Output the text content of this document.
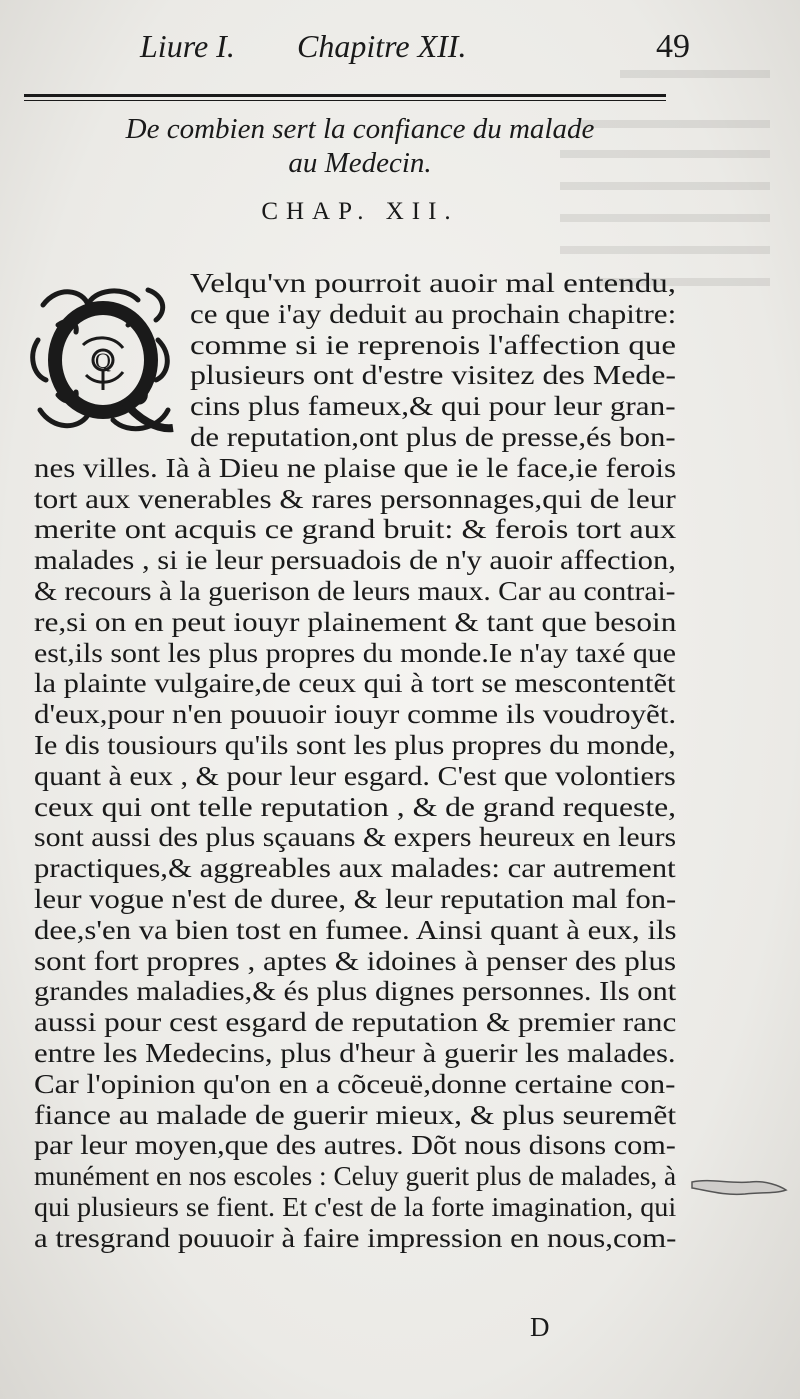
Liure I. Chapitre XII.	49
De combien sert la confiance du malade
au Medecin.
CHAP. XII.
Q
Velqu'vn pourroit auoir mal entendu,
ce que i'ay deduit au prochain chapitre:
comme si ie reprenois l'affection que
plusieurs ont d'estre visitez des Mede-
cins plus fameux,& qui pour leur gran-
de reputation,ont plus de presse,és bon-
nes villes. Ià à Dieu ne plaise que ie le face,ie ferois
tort aux venerables & rares personnages,qui de leur
merite ont acquis ce grand bruit: & ferois tort aux
malades , si ie leur persuadois de n'y auoir affection,
& recours à la guerison de leurs maux. Car au contrai-
re,si on en peut iouyr plainement & tant que besoin
est,ils sont les plus propres du monde.Ie n'ay taxé que
la plainte vulgaire,de ceux qui à tort se mescontentẽt
d'eux,pour n'en pouuoir iouyr comme ils voudroyẽt.
Ie dis tousiours qu'ils sont les plus propres du monde,
quant à eux , & pour leur esgard. C'est que volontiers
ceux qui ont telle reputation , & de grand requeste,
sont aussi des plus sçauans & expers heureux en leurs
practiques,& aggreables aux malades: car autrement
leur vogue n'est de duree, & leur reputation mal fon-
dee,s'en va bien tost en fumee. Ainsi quant à eux, ils
sont fort propres , aptes & idoines à penser des plus
grandes maladies,& és plus dignes personnes. Ils ont
aussi pour cest esgard de reputation & premier ranc
entre les Medecins, plus d'heur à guerir les malades.
Car l'opinion qu'on en a cõceuë,donne certaine con-
fiance au malade de guerir mieux, & plus seuremẽt
par leur moyen,que des autres. Dõt nous disons com-
munément en nos escoles : Celuy guerit plus de malades, à
qui plusieurs se fient. Et c'est de la forte imagination, qui
a tresgrand pouuoir à faire impression en nous,com-
D
